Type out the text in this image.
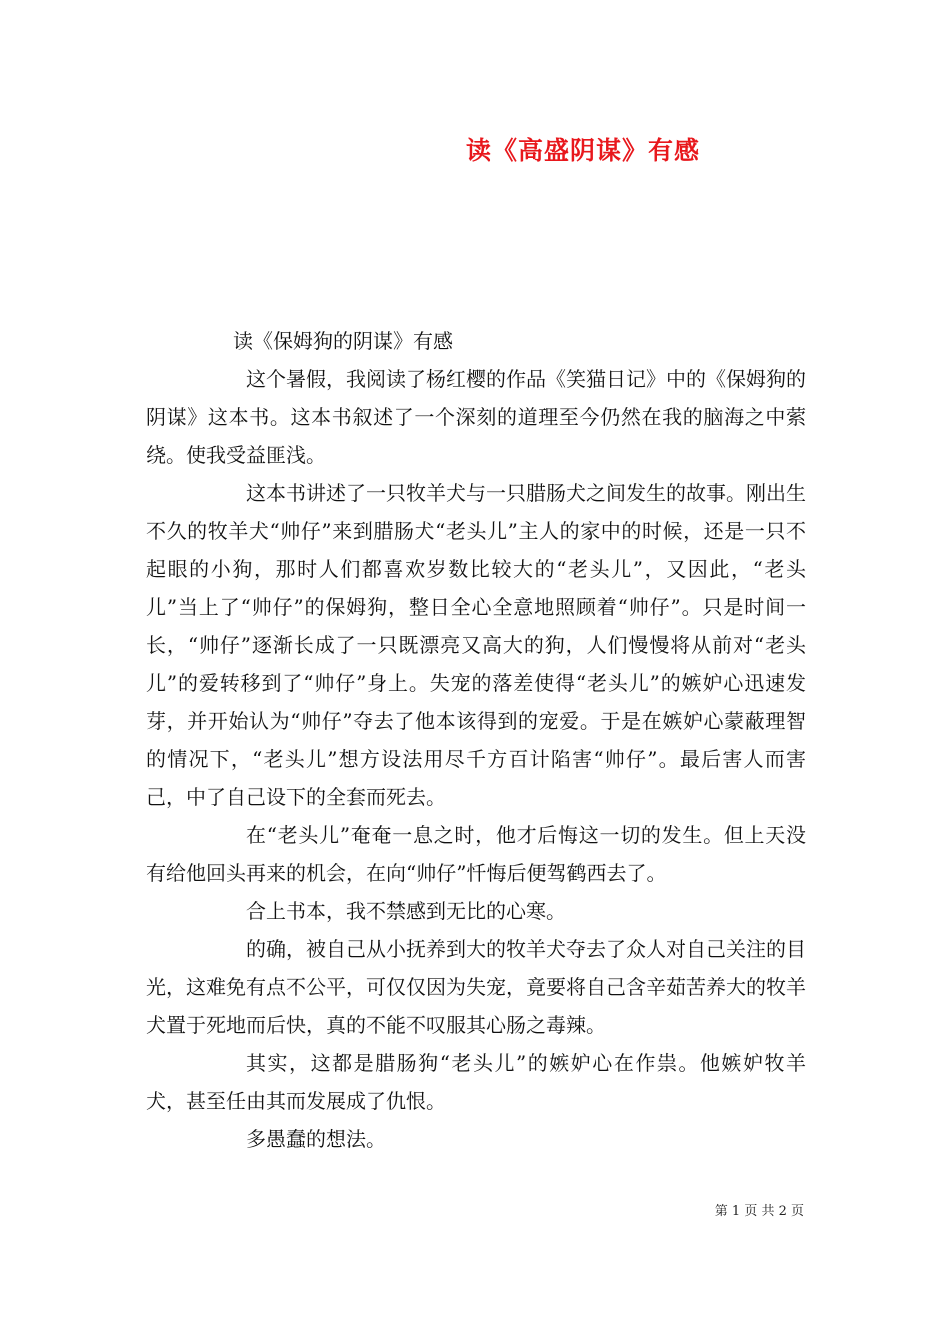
读《高盛阴谋》有感

读《保姆狗的阴谋》有感

这个暑假，我阅读了杨红樱的作品《笑猫日记》中的《保姆狗的阴谋》这本书。这本书叙述了一个深刻的道理至今仍然在我的脑海之中萦绕。使我受益匪浅。

这本书讲述了一只牧羊犬与一只腊肠犬之间发生的故事。刚出生不久的牧羊犬“帅仔”来到腊肠犬“老头儿”主人的家中的时候，还是一只不起眼的小狗，那时人们都喜欢岁数比较大的“老头儿”，又因此，“老头儿”当上了“帅仔”的保姆狗，整日全心全意地照顾着“帅仔”。只是时间一长，“帅仔”逐渐长成了一只既漂亮又高大的狗，人们慢慢将从前对“老头儿”的爱转移到了“帅仔”身上。失宠的落差使得“老头儿”的嫉妒心迅速发芽，并开始认为“帅仔”夺去了他本该得到的宠爱。于是在嫉妒心蒙蔽理智的情况下，“老头儿”想方设法用尽千方百计陷害“帅仔”。最后害人而害己，中了自己设下的全套而死去。

在“老头儿”奄奄一息之时，他才后悔这一切的发生。但上天没有给他回头再来的机会，在向“帅仔”忏悔后便驾鹤西去了。

合上书本，我不禁感到无比的心寒。

的确，被自己从小抚养到大的牧羊犬夺去了众人对自己关注的目光，这难免有点不公平，可仅仅因为失宠，竟要将自己含辛茹苦养大的牧羊犬置于死地而后快，真的不能不叹服其心肠之毒辣。

其实，这都是腊肠狗“老头儿”的嫉妒心在作祟。他嫉妒牧羊犬，甚至任由其而发展成了仇恨。

多愚蠢的想法。

第 1 页 共 2 页
